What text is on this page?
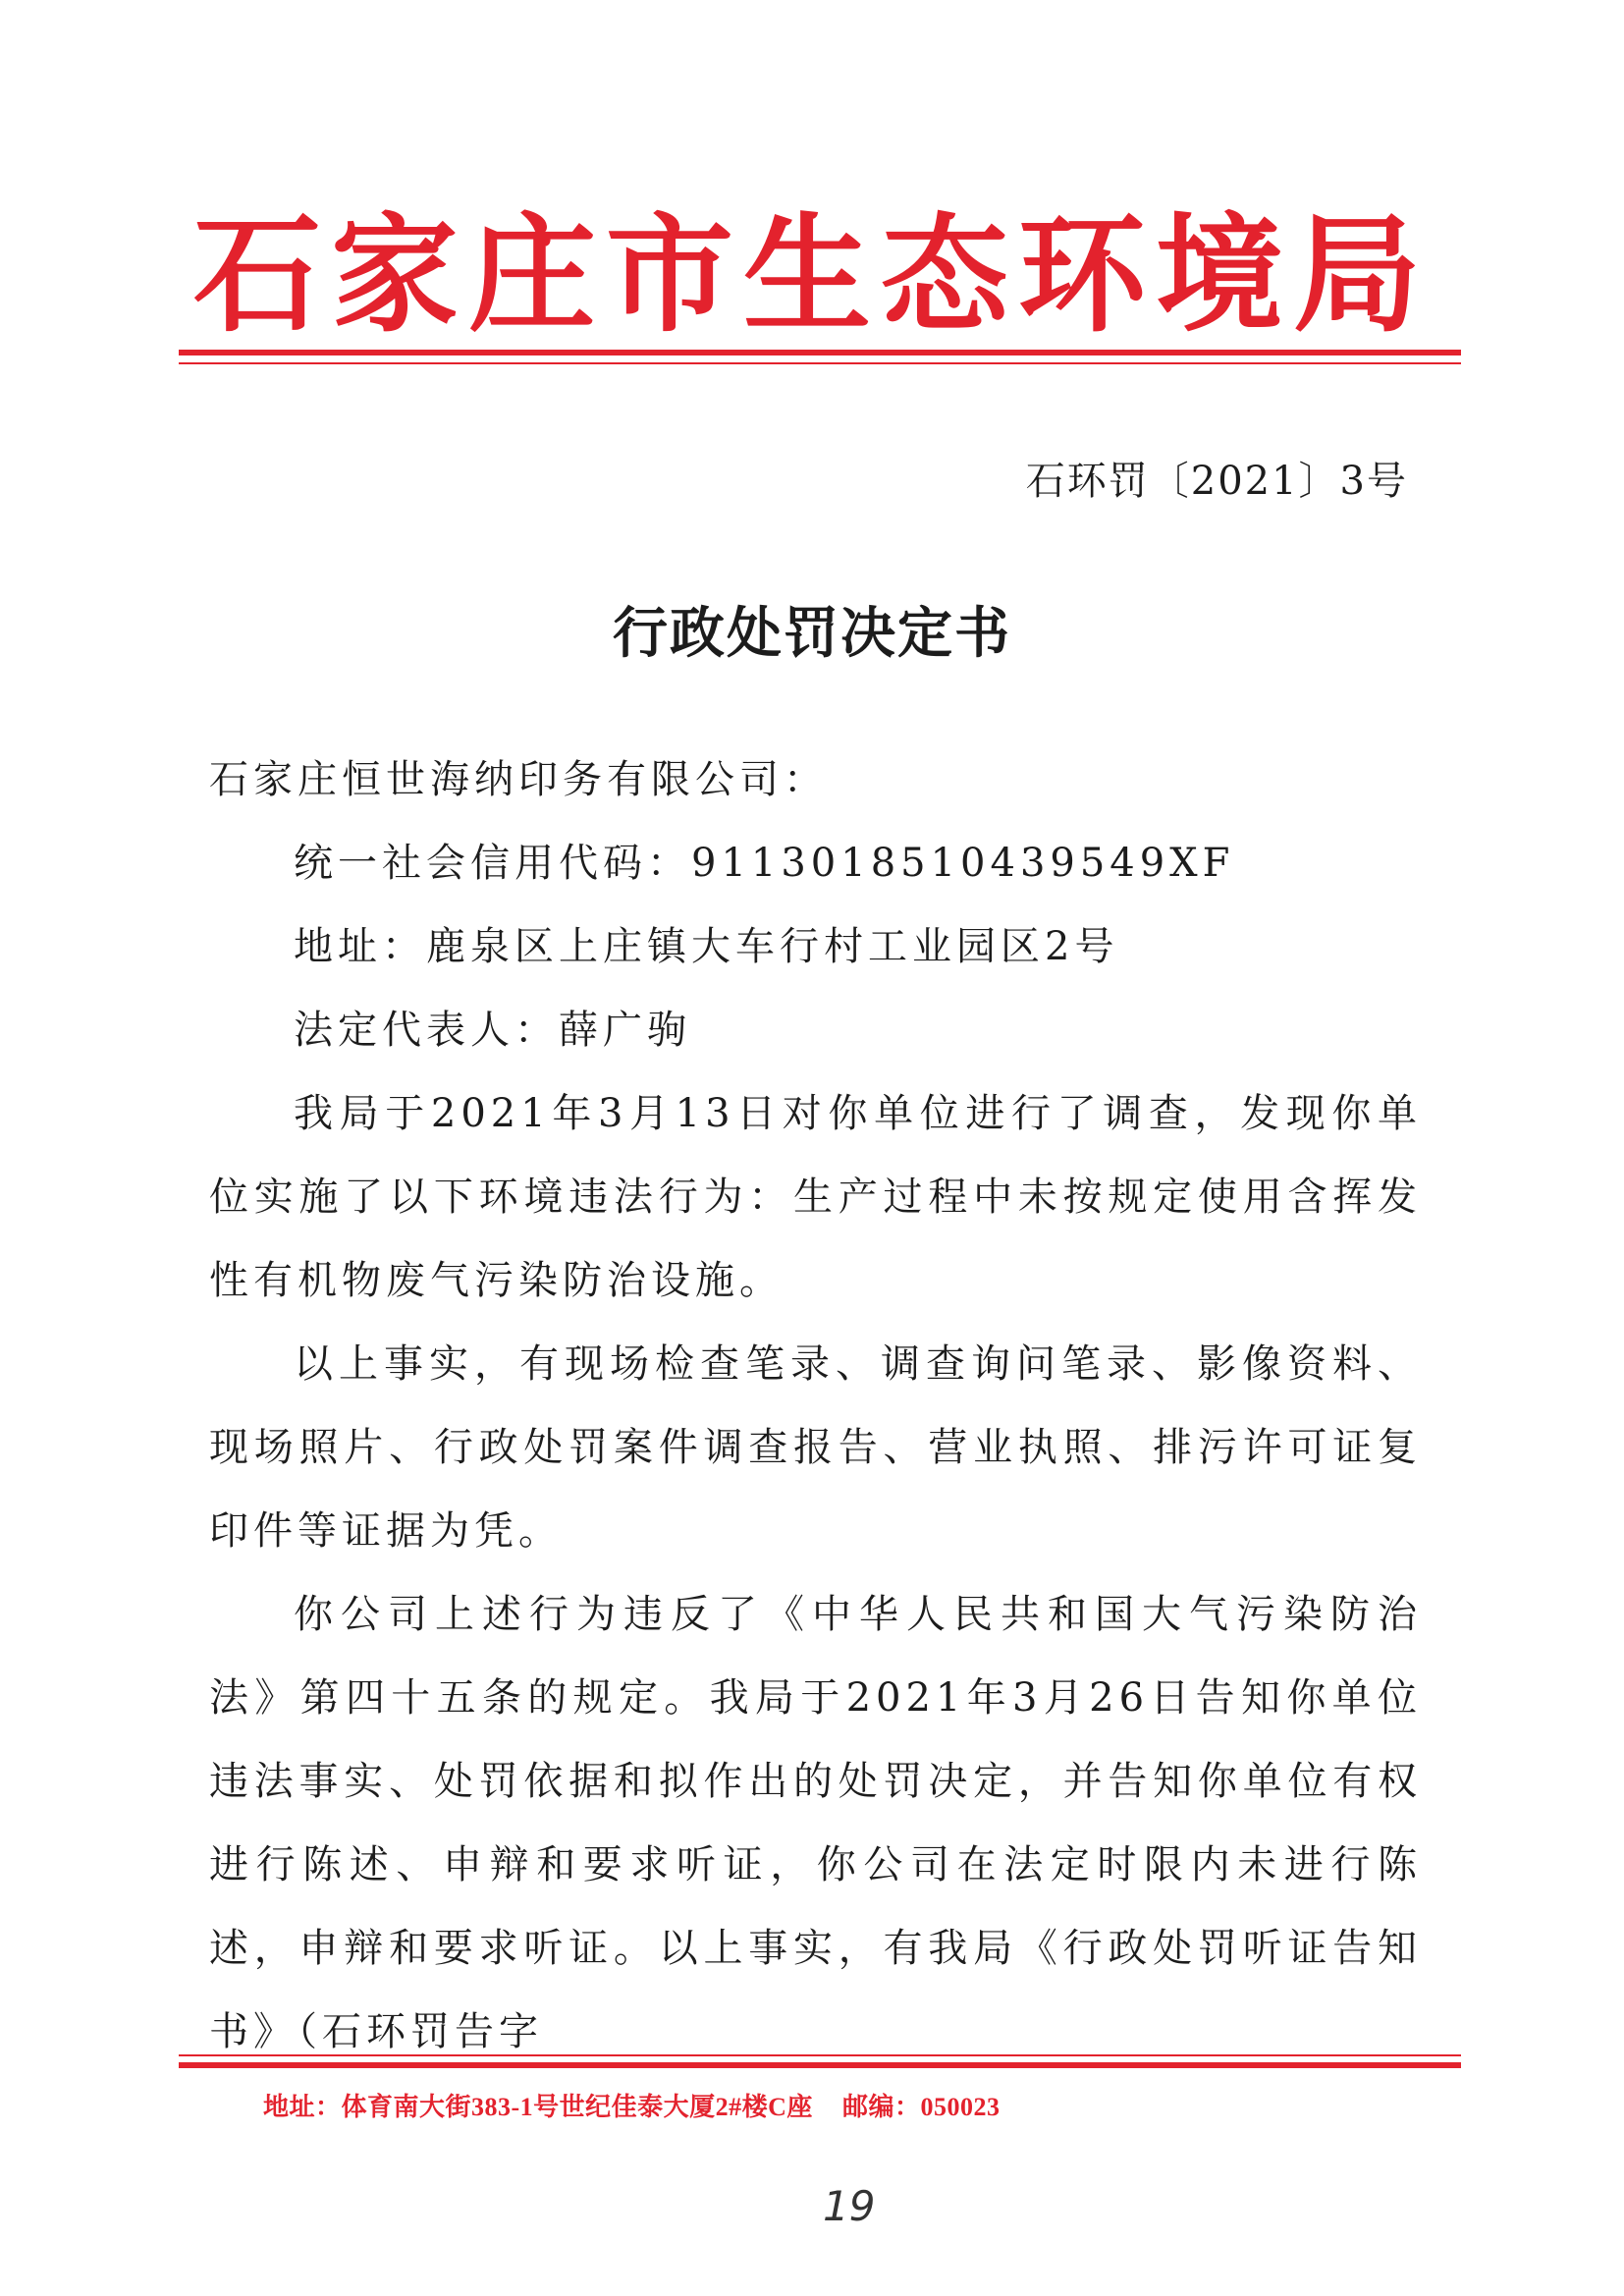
石家庄市生态环境局
石环罚〔2021〕3号
行政处罚决定书

石家庄恒世海纳印务有限公司：

统一社会信用代码：9113018510439549XF

地址：鹿泉区上庄镇大车行村工业园区2号

法定代表人：薛广驹

我局于2021年3月13日对你单位进行了调查，发现你单位实施了以下环境违法行为：生产过程中未按规定使用含挥发性有机物废气污染防治设施。

以上事实，有现场检查笔录、调查询问笔录、影像资料、现场照片、行政处罚案件调查报告、营业执照、排污许可证复印件等证据为凭。

你公司上述行为违反了《中华人民共和国大气污染防治法》第四十五条的规定。我局于2021年3月26日告知你单位违法事实、处罚依据和拟作出的处罚决定，并告知你单位有权进行陈述、申辩和要求听证，你公司在法定时限内未进行陈述，申辩和要求听证。以上事实，有我局《行政处罚听证告知书》（石环罚告字

地址：体育南大街383-1号世纪佳泰大厦2#楼C座 邮编：050023
19
